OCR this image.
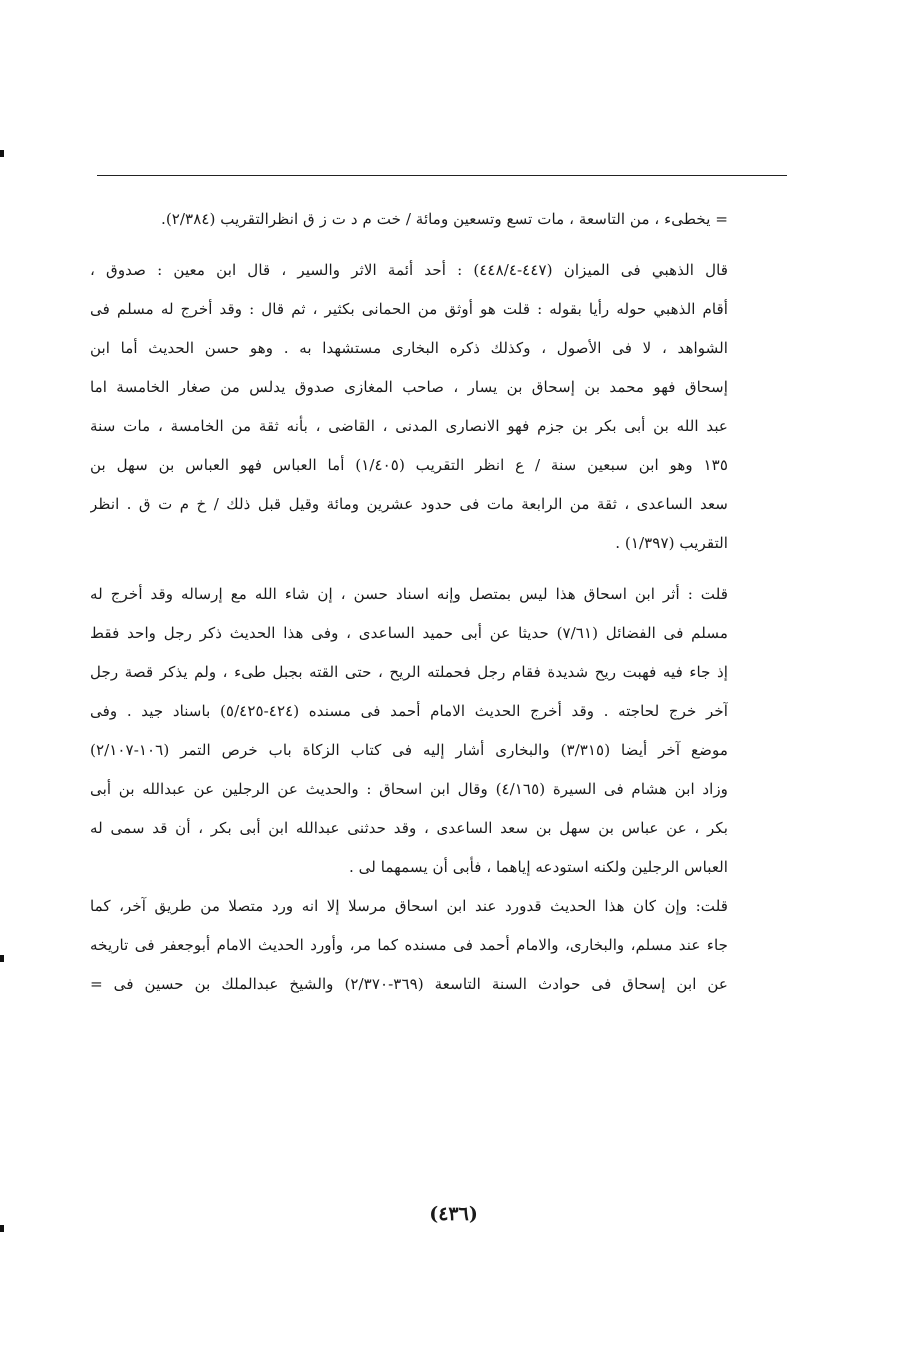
= يخطىء ، من التاسعة ، مات تسع وتسعين ومائة / خت م د ت ز ق انظرالتقريب (٢/٣٨٤).
قال الذهبي فى الميزان (٤٤٧-٤٤٨/٤) : أحد أئمة الاثر والسير ، قال ابن معين : صدوق ،
أقام الذهبي حوله رأيا بقوله : قلت هو أوثق من الحمانى بكثير ، ثم قال : وقد أخرج له مسلم فى
الشواهد ، لا فى الأصول ، وكذلك ذكره البخارى مستشهدا به . وهو حسن الحديث أما ابن
إسحاق فهو محمد بن إسحاق بن يسار ، صاحب المغازى صدوق يدلس من صغار الخامسة اما
عبد الله بن أبى بكر بن جزم فهو الانصارى المدنى ، القاضى ، بأنه ثقة من الخامسة ، مات سنة
١٣٥ وهو ابن سبعين سنة / ع انظر التقريب (١/٤٠٥) أما العباس فهو العباس بن سهل بن
سعد الساعدى ، ثقة من الرابعة مات فى حدود عشرين ومائة وقيل قبل ذلك / خ م ت ق . انظر
التقريب (١/٣٩٧) .
قلت : أثر ابن اسحاق هذا ليس بمتصل وإنه اسناد حسن ، إن شاء الله مع إرساله وقد أخرج له
مسلم فى الفضائل (٧/٦١) حديثا عن أبى حميد الساعدى ، وفى هذا الحديث ذكر رجل واحد فقط
إذ جاء فيه فهبت ريح شديدة فقام رجل فحملته الريح ، حتى القته بجبل طىء ، ولم يذكر قصة رجل
آخر خرج لحاجته . وقد أخرج الحديث الامام أحمد فى مسنده (٤٢٤-٥/٤٢٥) باسناد جيد . وفى
موضع آخر أيضا (٣/٣١٥) والبخارى أشار إليه فى كتاب الزكاة باب خرص التمر (١٠٦-٢/١٠٧)
وزاد ابن هشام فى السيرة (٤/١٦٥) وقال ابن اسحاق : والحديث عن الرجلين عن عبدالله بن أبى
بكر ، عن عباس بن سهل بن سعد الساعدى ، وقد حدثنى عبدالله ابن أبى بكر ، أن قد سمى له
العباس الرجلين ولكنه استودعه إياهما ، فأبى أن يسمهما لى .
قلت: وإن كان هذا الحديث قدورد عند ابن اسحاق مرسلا إلا انه ورد متصلا من طريق آخر، كما
جاء عند مسلم، والبخارى، والامام أحمد فى مسنده كما مر، وأورد الحديث الامام أبوجعفر فى تاريخه
عن ابن إسحاق فى حوادث السنة التاسعة (٣٦٩-٢/٣٧٠) والشيخ عبدالملك بن حسين فى =
(٤٣٦)
